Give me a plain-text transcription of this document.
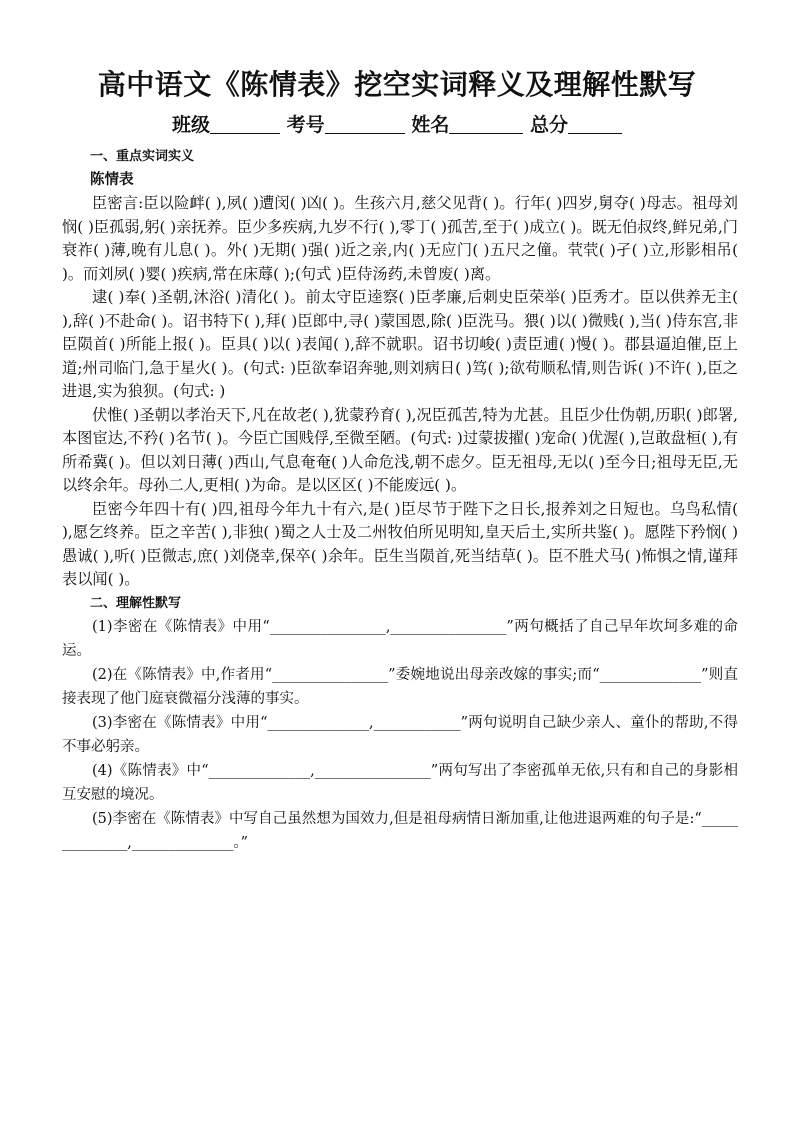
高中语文《陈情表》挖空实词释义及理解性默写
班级	考号	姓名	总分
一、重点实词实义
陈情表
臣密言:臣以险衅( ),夙( )遭闵( )凶( )。生孩六月,慈父见背( )。行年( )四岁,舅夺( )母志。祖母刘悯( )臣孤弱,躬( )亲抚养。臣少多疾病,九岁不行( ),零丁( )孤苦,至于( )成立( )。既无伯叔终,鲜兄弟,门衰祚( )薄,晚有儿息( )。外( )无期( )强( )近之亲,内( )无应门( )五尺之僮。茕茕( )孑( )立,形影相吊( )。而刘夙( )婴( )疾病,常在床蓐( );(句式 )臣侍汤药,未曾废( )离。
逮( )奉( )圣朝,沐浴( )清化( )。前太守臣逵察( )臣孝廉,后刺史臣荣举( )臣秀才。臣以供养无主( ),辞( )不赴命( )。诏书特下( ),拜( )臣郎中,寻( )蒙国恩,除( )臣洗马。猥( )以( )微贱( ),当( )侍东宫,非臣陨首( )所能上报( )。臣具( )以( )表闻( ),辞不就职。诏书切峻( )责臣逋( )慢( )。郡县逼迫催,臣上道;州司临门,急于星火( )。(句式: )臣欲奉诏奔驰,则刘病日( )笃( );欲苟顺私情,则告诉( )不许( ),臣之进退,实为狼狈。(句式: )
伏惟( )圣朝以孝治天下,凡在故老( ),犹蒙矜育( ),况臣孤苦,特为尤甚。且臣少仕伪朝,历职( )郎署,本图宦达,不矜( )名节( )。今臣亡国贱俘,至微至陋。(句式: )过蒙拔擢( )宠命( )优渥( ),岂敢盘桓( ),有所希冀( )。但以刘日薄( )西山,气息奄奄( )人命危浅,朝不虑夕。臣无祖母,无以( )至今日;祖母无臣,无以终余年。母孙二人,更相( )为命。是以区区( )不能废远( )。
臣密今年四十有( )四,祖母今年九十有六,是( )臣尽节于陛下之日长,报养刘之日短也。乌鸟私情( ),愿乞终养。臣之辛苦( ),非独( )蜀之人士及二州牧伯所见明知,皇天后土,实所共鉴( )。愿陛下矜悯( )愚诚( ),听( )臣微志,庶( )刘侥幸,保卒( )余年。臣生当陨首,死当结草( )。臣不胜犬马( )怖惧之情,谨拜表以闻( )。
二、理解性默写
(1)李密在《陈情表》中用“________________,________________”两句概括了自己早年坎坷多难的命运。
(2)在《陈情表》中,作者用“________________”委婉地说出母亲改嫁的事实;而“______________”则直接表现了他门庭衰微福分浅薄的事实。
(3)李密在《陈情表》中用“______________,____________”两句说明自己缺少亲人、童仆的帮助,不得不事必躬亲。
(4)《陈情表》中“______________,________________”两句写出了李密孤单无依,只有和自己的身影相互安慰的境况。
(5)李密在《陈情表》中写自己虽然想为国效力,但是祖母病情日渐加重,让他进退两难的句子是:“______________,______________。”
